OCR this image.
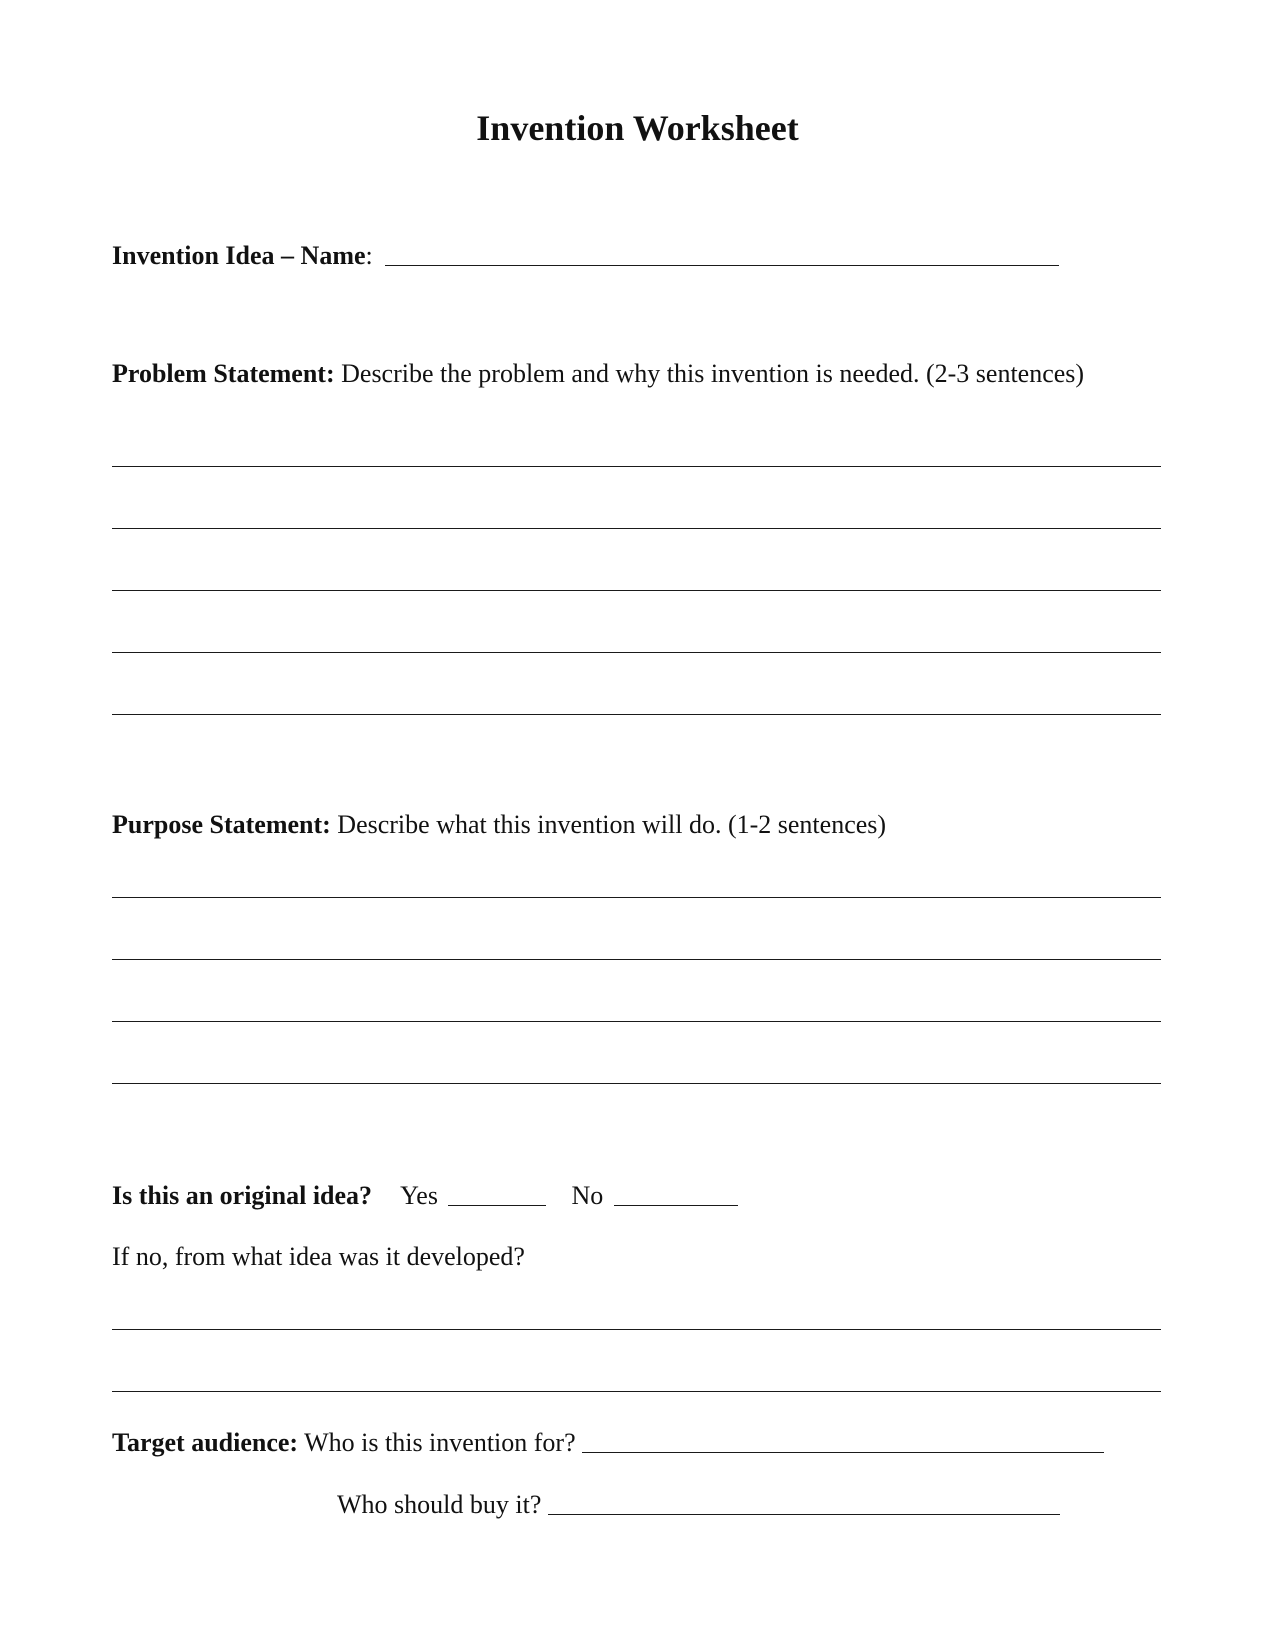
Invention Worksheet
Invention Idea – Name:
Problem Statement: Describe the problem and why this invention is needed. (2-3 sentences)
Purpose Statement: Describe what this invention will do. (1-2 sentences)
Is this an original idea? Yes	No
If no, from what idea was it developed?
Target audience: Who is this invention for?
Who should buy it?
